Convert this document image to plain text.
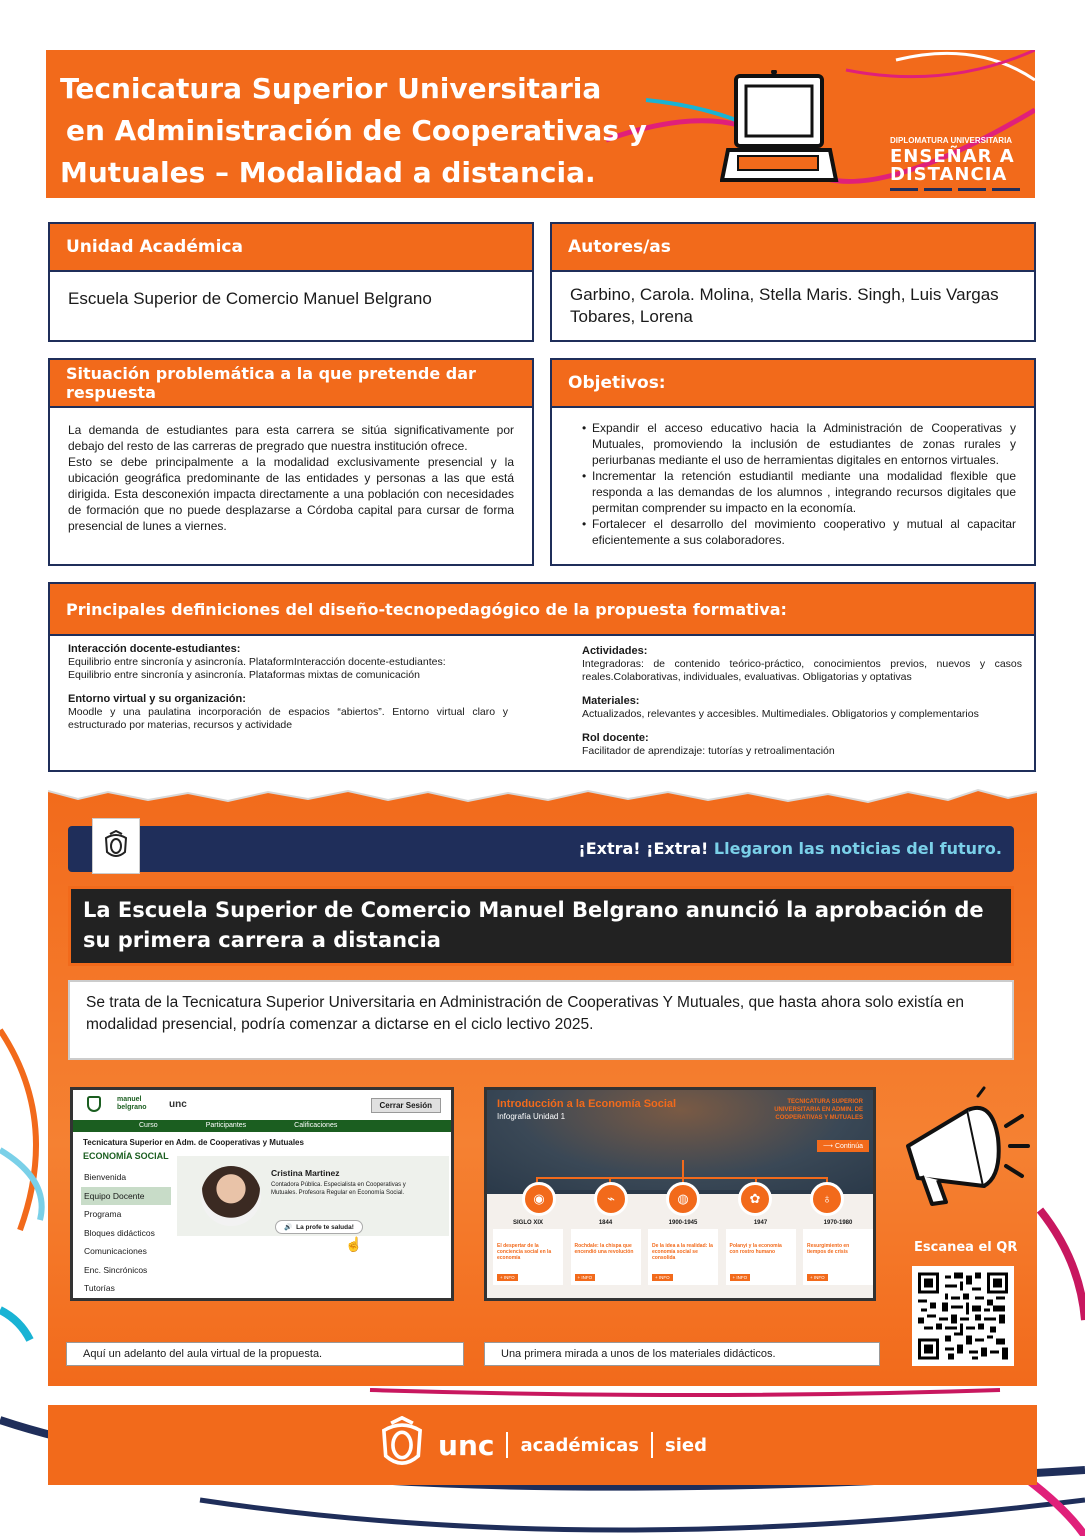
Tecnicatura Superior Universitaria
en Administración de Cooperativas y
Mutuales – Modalidad a distancia.
DIPLOMATURA UNIVERSITARIA
ENSEÑAR A
DISTANCIA
Unidad Académica
Escuela Superior de Comercio Manuel Belgrano
Autores/as
Garbino, Carola. Molina, Stella Maris. Singh, Luis Vargas Tobares, Lorena
Situación problemática a la que pretende dar respuesta
La demanda de estudiantes para esta carrera se sitúa significativamente por debajo del resto de las carreras de pregrado que nuestra institución ofrece.
Esto se debe principalmente a la modalidad exclusivamente presencial y la ubicación geográfica predominante de las entidades y personas a las que está dirigida. Esta desconexión impacta directamente a una población con necesidades de formación que no puede desplazarse a Córdoba capital para cursar de forma presencial de lunes a viernes.
Objetivos:
• Expandir el acceso educativo hacia la Administración de Cooperativas y Mutuales, promoviendo la inclusión de estudiantes de zonas rurales y periurbanas mediante el uso de herramientas digitales en entornos virtuales.
• Incrementar la retención estudiantil mediante una modalidad flexible que responda a las demandas de los alumnos , integrando recursos digitales que permitan comprender su impacto en la economía.
• Fortalecer el desarrollo del movimiento cooperativo y mutual al capacitar eficientemente a sus colaboradores.
Principales definiciones del diseño-tecnopedagógico de la propuesta formativa:
Interacción docente-estudiantes:
Equilibrio entre sincronía y asincronía. PlataformInteracción docente-estudiantes:
Equilibrio entre sincronía y asincronía. Plataformas mixtas de comunicación
Entorno virtual y su organización:
Moodle y una paulatina incorporación de espacios “abiertos”. Entorno virtual claro y estructurado por materias, recursos y actividade
Actividades:
Integradoras: de contenido teórico-práctico, conocimientos previos, nuevos y casos reales.Colaborativas, individuales, evaluativas. Obligatorias y optativas
Materiales:
Actualizados, relevantes y accesibles. Multimediales. Obligatorios y complementarios
Rol docente:
Facilitador de aprendizaje: tutorías y retroalimentación
¡Extra! ¡Extra! Llegaron las noticias del futuro.
La Escuela Superior de Comercio Manuel Belgrano anunció la aprobación de su primera carrera a distancia
Se trata de la Tecnicatura Superior Universitaria en Administración de Cooperativas Y Mutuales, que hasta ahora solo existía en modalidad presencial, podría comenzar a dictarse en el ciclo lectivo 2025.
manuel belgrano	unc	Cerrar Sesión
Curso	Participantes	Calificaciones
Tecnicatura Superior en Adm. de Cooperativas y Mutuales
ECONOMÍA SOCIAL
Bienvenida
Equipo Docente
Programa
Bloques didácticos
Comunicaciones
Enc. Sincrónicos
Tutorías
Cristina Martinez
Contadora Pública. Especialista en Cooperativas y Mutuales. Profesora Regular en Economía Social.
🔊 La profe te saluda!
☝
Introducción a la Economía Social
Infografía Unidad 1
TECNICATURA SUPERIOR UNIVERSITARIA EN ADMIN. DE COOPERATIVAS Y MUTUALES
⟶ Continúa
◉	⌁	◍	✿	♁
SIGLO XIX
El despertar de la conciencia social en la economía
+ INFO
1844
Rochdale: la chispa que encendió una revolución
+ INFO
1900-1945
De la idea a la realidad: la economía social se consolida
+ INFO
1947
Polanyi y la economía con rostro humano
+ INFO
1970-1980
Resurgimiento en tiempos de crisis
+ INFO
Escanea el QR
Aquí un adelanto del aula virtual de la propuesta.	Una primera mirada a unos de los materiales didácticos.
unc académicas sied
